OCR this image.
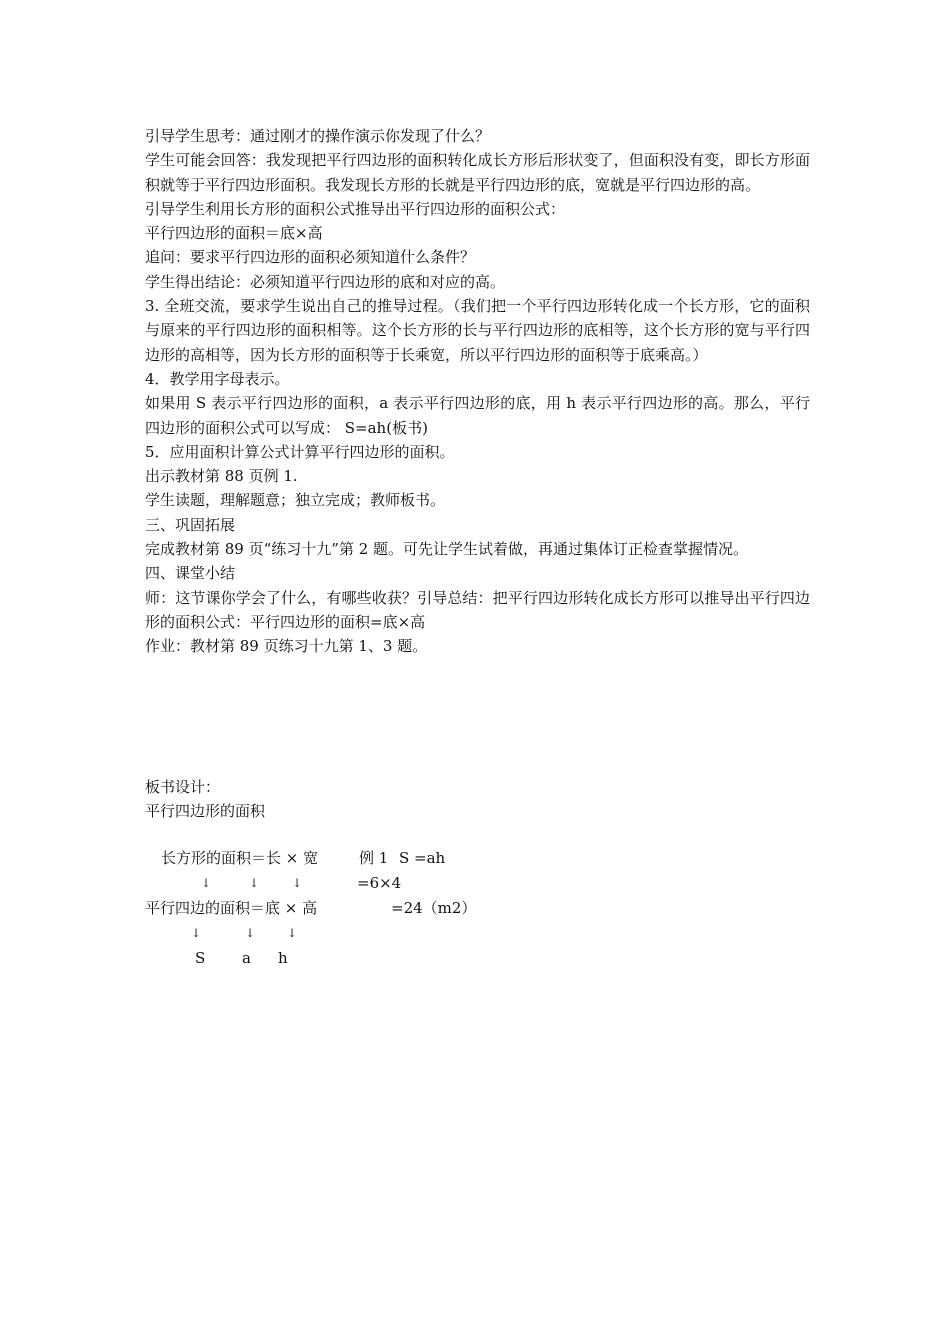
引导学生思考：通过刚才的操作演示你发现了什么？

学生可能会回答：我发现把平行四边形的面积转化成长方形后形状变了，但面积没有变，即长方形面积就等于平行四边形面积。我发现长方形的长就是平行四边形的底，宽就是平行四边形的高。

引导学生利用长方形的面积公式推导出平行四边形的面积公式：

平行四边形的面积＝底×高

追问：要求平行四边形的面积必须知道什么条件？

学生得出结论：必须知道平行四边形的底和对应的高。

3. 全班交流，要求学生说出自己的推导过程。（我们把一个平行四边形转化成一个长方形，它的面积与原来的平行四边形的面积相等。这个长方形的长与平行四边形的底相等，这个长方形的宽与平行四边形的高相等，因为长方形的面积等于长乘宽，所以平行四边形的面积等于底乘高。）

4．教学用字母表示。

如果用 S 表示平行四边形的面积，a 表示平行四边形的底，用 h 表示平行四边形的高。那么，平行四边形的面积公式可以写成： S=ah(板书)

5．应用面积计算公式计算平行四边形的面积。

出示教材第 88 页例 1.

学生读题，理解题意；独立完成；教师板书。

三、巩固拓展

完成教材第 89 页“练习十九”第 2 题。可先让学生试着做，再通过集体订正检查掌握情况。

四、课堂小结

师：这节课你学会了什么，有哪些收获？引导总结：把平行四边形转化成长方形可以推导出平行四边形的面积公式：平行四边形的面积=底×高

作业：教材第 89 页练习十九第 1、3 题。

板书设计：
平行四边形的面积
长方形的面积＝长 × 宽	例 1 S =ah
↓	↓	↓	=6×4
平行四边的面积＝底 × 高	=24（m2）
↓	↓	↓
S a h
